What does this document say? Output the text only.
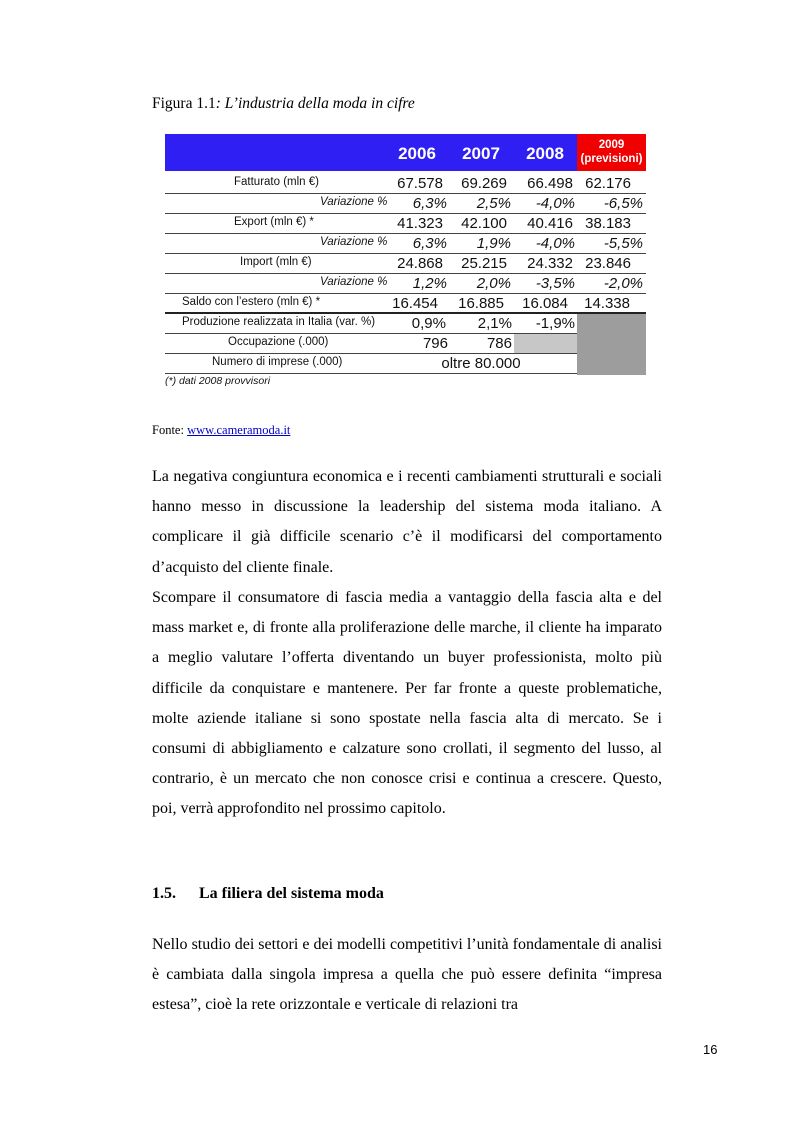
Figura 1.1: L’industria della moda in cifre
2006	2007	2008	2009
(previsioni)
Fatturato (mln €)	67.578	69.269	66.498 62.176
Variazione %	6,3%	2,5%	-4,0%	-6,5%
Export (mln €) *	41.323	42.100	40.416 38.183
Variazione %	6,3%	1,9%	-4,0%	-5,5%
Import (mln €)	24.868	25.215	24.332 23.846
Variazione %	1,2%	2,0%	-3,5%	-2,0%
Saldo con l’estero (mln €) *	16.454	16.885	16.084	14.338
Produzione realizzata in Italia (var. %)	0,9%	2,1%	-1,9%
Occupazione (.000)	796	786
Numero di imprese (.000)	oltre 80.000
(*) dati 2008 provvisori
Fonte: www.cameramoda.it

La negativa congiuntura economica e i recenti cambiamenti strutturali e sociali hanno messo in discussione la leadership del sistema moda italiano. A complicare il già difficile scenario c’è il modificarsi del comportamento d’acquisto del cliente finale.

Scompare il consumatore di fascia media a vantaggio della fascia alta e del mass market e, di fronte alla proliferazione delle marche, il cliente ha imparato a meglio valutare l’offerta diventando un buyer professionista, molto più difficile da conquistare e mantenere. Per far fronte a queste problematiche, molte aziende italiane si sono spostate nella fascia alta di mercato. Se i consumi di abbigliamento e calzature sono crollati, il segmento del lusso, al contrario, è un mercato che non conosce crisi e continua a crescere. Questo, poi, verrà approfondito nel prossimo capitolo.

1.5. La filiera del sistema moda

Nello studio dei settori e dei modelli competitivi l’unità fondamentale di analisi è cambiata dalla singola impresa a quella che può essere definita “impresa estesa”, cioè la rete orizzontale e verticale di relazioni tra

16
